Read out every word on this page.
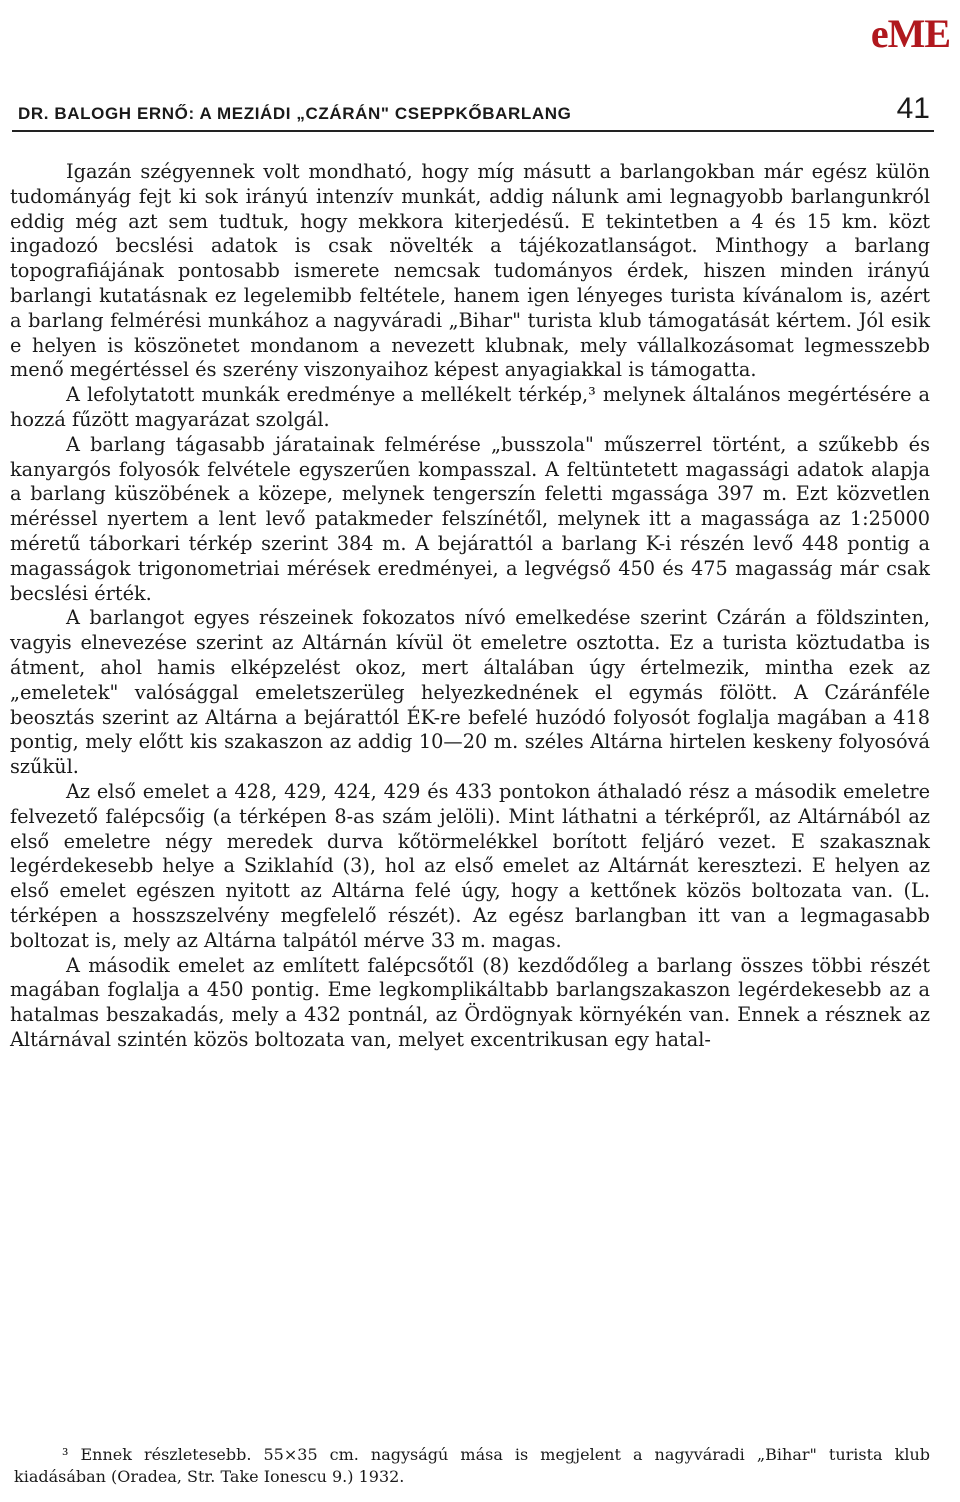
eME
DR. BALOGH ERNŐ: A MEZIÁDI „CZÁRÁN" CSEPPKŐBARLANG	41

Igazán szégyennek volt mondható, hogy míg másutt a barlangokban már egész külön tudományág fejt ki sok irányú intenzív munkát, addig nálunk ami legnagyobb barlangunkról eddig még azt sem tudtuk, hogy mekkora kiterjedésű. E tekintetben a 4 és 15 km. közt ingadozó becslési adatok is csak növelték a tájékozatlanságot. Minthogy a barlang topografiájának pontosabb ismerete nemcsak tudományos érdek, hiszen minden irányú barlangi kutatásnak ez legelemibb feltétele, hanem igen lényeges turista kívánalom is, azért a barlang felmérési munkához a nagyváradi „Bihar" turista klub támogatását kértem. Jól esik e helyen is köszönetet mondanom a nevezett klubnak, mely vállalkozásomat legmesszebb menő megértéssel és szerény viszonyaihoz képest anyagiakkal is támogatta.

A lefolytatott munkák eredménye a mellékelt térkép,³ melynek általános megértésére a hozzá fűzött magyarázat szolgál.

A barlang tágasabb járatainak felmérése „busszola" műszerrel történt, a szűkebb és kanyargós folyosók felvétele egyszerűen kompasszal. A feltüntetett magassági adatok alapja a barlang küszöbének a közepe, melynek tengerszín feletti mgassága 397 m. Ezt közvetlen méréssel nyertem a lent levő patakmeder felszínétől, melynek itt a magassága az 1:25000 méretű táborkari térkép szerint 384 m. A bejárattól a barlang K-i részén levő 448 pontig a magasságok trigonometriai mérések eredményei, a legvégső 450 és 475 magasság már csak becslési érték.

A barlangot egyes részeinek fokozatos nívó emelkedése szerint Czárán a földszinten, vagyis elnevezése szerint az Altárnán kívül öt emeletre osztotta. Ez a turista köztudatba is átment, ahol hamis elképzelést okoz, mert általában úgy értelmezik, mintha ezek az „emeletek" valósággal emeletszerüleg helyezkednének el egymás fölött. A Czáránféle beosztás szerint az Altárna a bejárattól ÉK-re befelé huzódó folyosót foglalja magában a 418 pontig, mely előtt kis szakaszon az addig 10—20 m. széles Altárna hirtelen keskeny folyosóvá szűkül.

Az első emelet a 428, 429, 424, 429 és 433 pontokon áthaladó rész a második emeletre felvezető falépcsőig (a térképen 8-as szám jelöli). Mint láthatni a térképről, az Altárnából az első emeletre négy meredek durva kőtörmelékkel borított feljáró vezet. E szakasznak legérdekesebb helye a Sziklahíd (3), hol az első emelet az Altárnát keresztezi. E helyen az első emelet egészen nyitott az Altárna felé úgy, hogy a kettőnek közös boltozata van. (L. térképen a hosszszelvény megfelelő részét). Az egész barlangban itt van a legmagasabb boltozat is, mely az Altárna talpától mérve 33 m. magas.

A második emelet az említett falépcsőtől (8) kezdődőleg a barlang összes többi részét magában foglalja a 450 pontig. Eme legkomplikáltabb barlangszakaszon legérdekesebb az a hatalmas beszakadás, mely a 432 pontnál, az Ördögnyak környékén van. Ennek a résznek az Altárnával szintén közös boltozata van, melyet excentrikusan egy hatal-

³ Ennek részletesebb. 55×35 cm. nagyságú mása is megjelent a nagyváradi „Bihar" turista klub kiadásában (Oradea, Str. Take Ionescu 9.) 1932.
